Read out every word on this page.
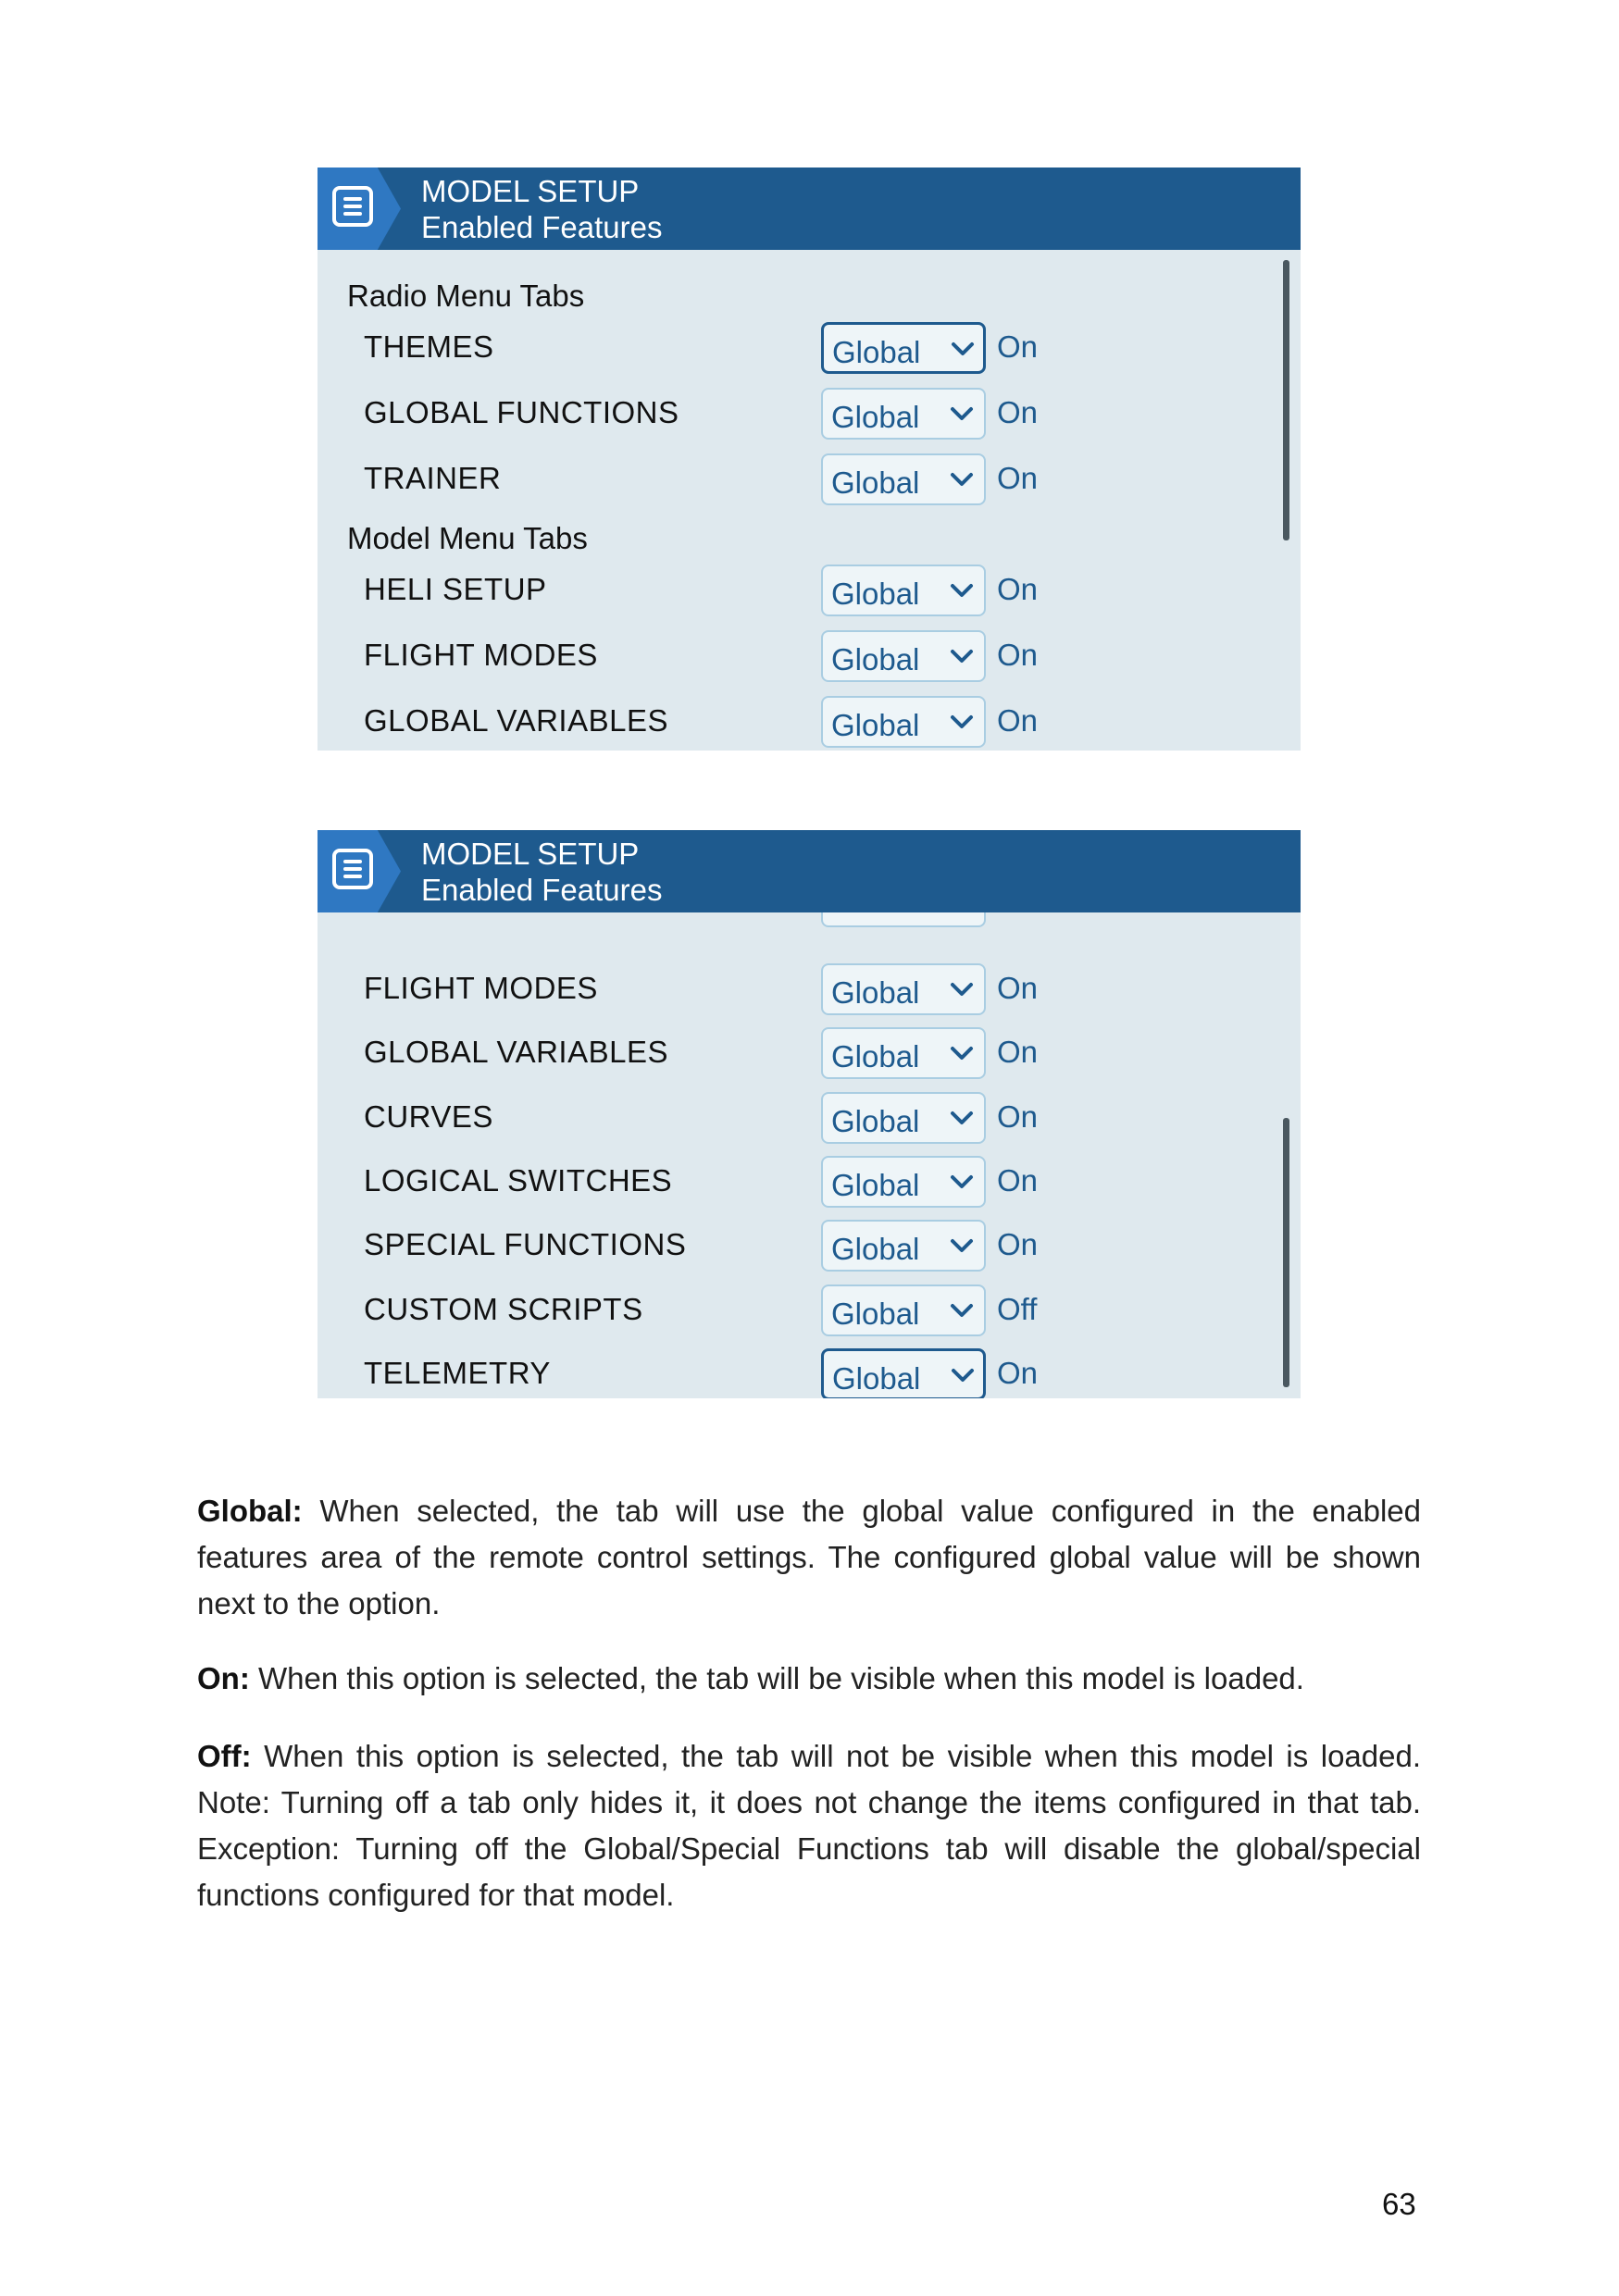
MODEL SETUP
Enabled Features
Radio Menu Tabs
THEMES	Global	On
GLOBAL FUNCTIONS	Global	On
TRAINER	Global	On
Model Menu Tabs
HELI SETUP	Global	On
FLIGHT MODES	Global	On
GLOBAL VARIABLES	Global	On
MODEL SETUP
Enabled Features
FLIGHT MODES	Global	On
GLOBAL VARIABLES	Global	On
CURVES	Global	On
LOGICAL SWITCHES	Global	On
SPECIAL FUNCTIONS	Global	On
CUSTOM SCRIPTS	Global	Off
TELEMETRY	Global	On
Global: When selected, the tab will use the global value configured in the enabled features area of the remote control settings. The configured global value will be shown next to the option.
On: When this option is selected, the tab will be visible when this model is loaded.
Off: When this option is selected, the tab will not be visible when this model is loaded. Note: Turning off a tab only hides it, it does not change the items configured in that tab. Exception: Turning off the Global/Special Functions tab will disable the global/special functions configured for that model.
63
